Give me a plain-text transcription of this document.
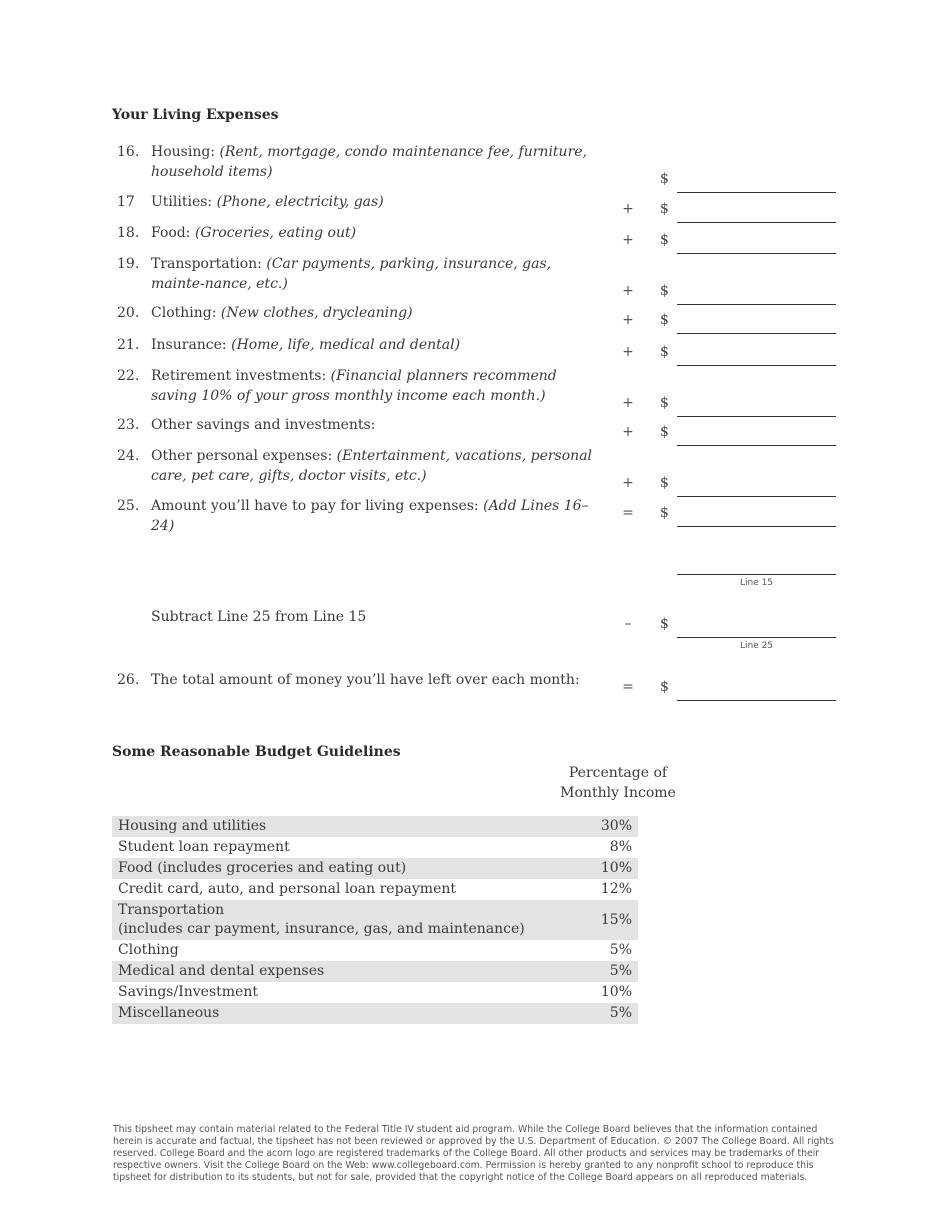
Your Living Expenses
16. Housing: (Rent, mortgage, condo maintenance fee, furniture, household items)	$
17 Utilities: (Phone, electricity, gas)	+ $
18. Food: (Groceries, eating out)	+ $
19. Transportation: (Car payments, parking, insurance, gas, mainte-nance, etc.)	+ $
20. Clothing: (New clothes, drycleaning)	+ $
21. Insurance: (Home, life, medical and dental)	+ $
22. Retirement investments: (Financial planners recommend saving 10% of your gross monthly income each month.)	+ $
23. Other savings and investments:	+ $
24. Other personal expenses: (Entertainment, vacations, personal care, pet care, gifts, doctor visits, etc.)	+ $
25. Amount you’ll have to pay for living expenses: (Add Lines 16–24)
= $
Line 15
Subtract Line 25 from Line 15	– $
Line 25
26. The total amount of money you’ll have left over each month:	= $
Some Reasonable Budget Guidelines
Percentage of
Monthly Income
Housing and utilities	30%

Student loan repayment	8%

Food (includes groceries and eating out)	10%

Credit card, auto, and personal loan repayment	12%

Transportation
(includes car payment, insurance, gas, and maintenance)	15%

Clothing	5%

Medical and dental expenses	5%

Savings/Investment	10%

Miscellaneous	5%
This tipsheet may contain material related to the Federal Title IV student aid program. While the College Board believes that the information contained herein is accurate and factual, the tipsheet has not been reviewed or approved by the U.S. Department of Education. © 2007 The College Board. All rights reserved. College Board and the acorn logo are registered trademarks of the College Board. All other products and services may be trademarks of their respective owners. Visit the College Board on the Web: www.collegeboard.com. Permission is hereby granted to any nonprofit school to reproduce this tipsheet for distribution to its students, but not for sale, provided that the copyright notice of the College Board appears on all reproduced materials.
